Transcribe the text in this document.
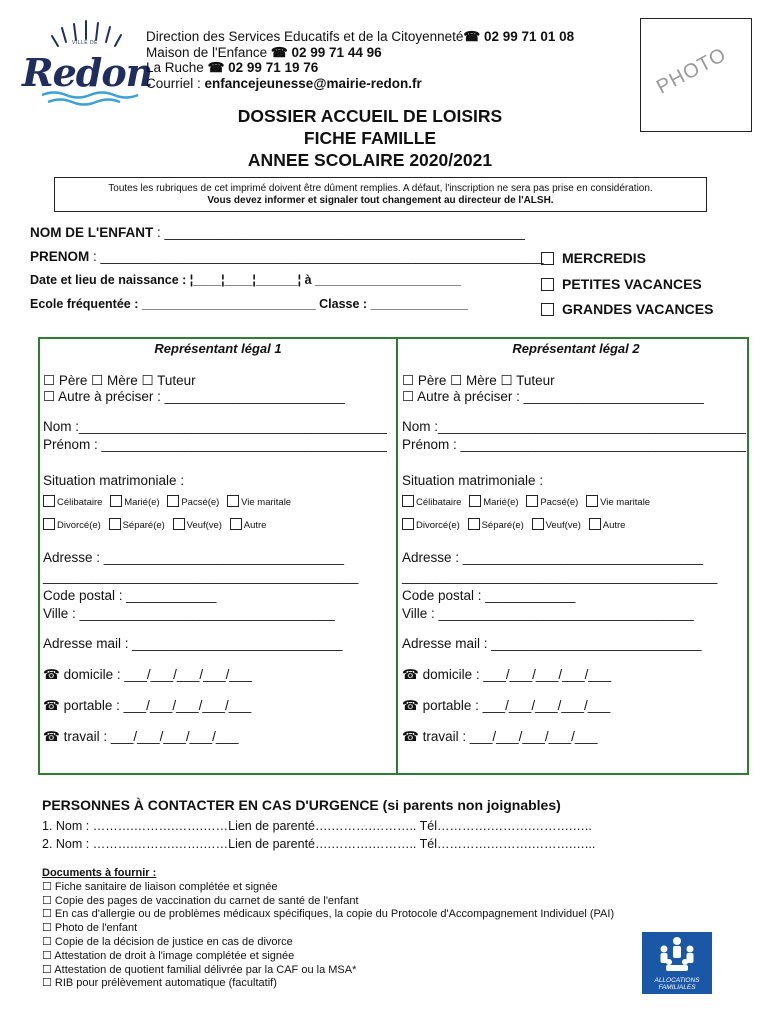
VILLE DE
Redon
Direction des Services Educatifs et de la Citoyenneté☎ 02 99 71 01 08
Maison de l'Enfance ☎ 02 99 71 44 96
La Ruche ☎ 02 99 71 19 76
Courriel : enfancejeunesse@mairie-redon.fr	PHOTO
DOSSIER ACCUEIL DE LOISIRS
FICHE FAMILLE
ANNEE SCOLAIRE 2020/2021
Toutes les rubriques de cet imprimé doivent être dûment remplies. A défaut, l'inscription ne sera pas prise en considération.
Vous devez informer et signaler tout changement au directeur de l'ALSH.
NOM DE L'ENFANT : ________________________________________________
PRENOM : ___________________________________________________________
Date et lieu de naissance : ¦____¦____¦______¦ à _____________________
Ecole fréquentée : _________________________ Classe : ______________
MERCREDIS
PETITES VACANCES
GRANDES VACANCES
Représentant légal 1
☐ Père ☐ Mère ☐ Tuteur
☐ Autre à préciser : ________________________
Nom :_________________________________________
Prénom : ______________________________________
Situation matrimoniale :
Célibataire Marié(e) Pacsé(e) Vie maritale
Divorcé(e) Séparé(e) Veuf(ve) Autre
Adresse : ________________________________
__________________________________________
Code postal : ____________
Ville : __________________________________
Adresse mail : ____________________________
☎ domicile : ___/___/___/___/___
☎ portable : ___/___/___/___/___
☎ travail : ___/___/___/___/___
Représentant légal 2
☐ Père ☐ Mère ☐ Tuteur
☐ Autre à préciser : ________________________
Nom :_________________________________________
Prénom : ______________________________________
Situation matrimoniale :
Célibataire Marié(e) Pacsé(e) Vie maritale
Divorcé(e) Séparé(e) Veuf(ve) Autre
Adresse : ________________________________
__________________________________________
Code postal : ____________
Ville : __________________________________
Adresse mail : ____________________________
☎ domicile : ___/___/___/___/___
☎ portable : ___/___/___/___/___
☎ travail : ___/___/___/___/___
PERSONNES À CONTACTER EN CAS D'URGENCE (si parents non joignables)
1. Nom : ……….……….…….……Lien de parenté….……….……….. Tél………….……….……….…..
2. Nom : ……….……….…….……Lien de parenté….……….……….. Tél………….……….……….…...
Documents à fournir :
☐ Fiche sanitaire de liaison complétée et signée
☐ Copie des pages de vaccination du carnet de santé de l'enfant
☐ En cas d'allergie ou de problèmes médicaux spécifiques, la copie du Protocole d'Accompagnement Individuel (PAI)
☐ Photo de l'enfant
☐ Copie de la décision de justice en cas de divorce
☐ Attestation de droit à l'image complétée et signée
☐ Attestation de quotient familial délivrée par la CAF ou la MSA*
☐ RIB pour prélèvement automatique (facultatif)	ALLOCATIONS
FAMILIALES
